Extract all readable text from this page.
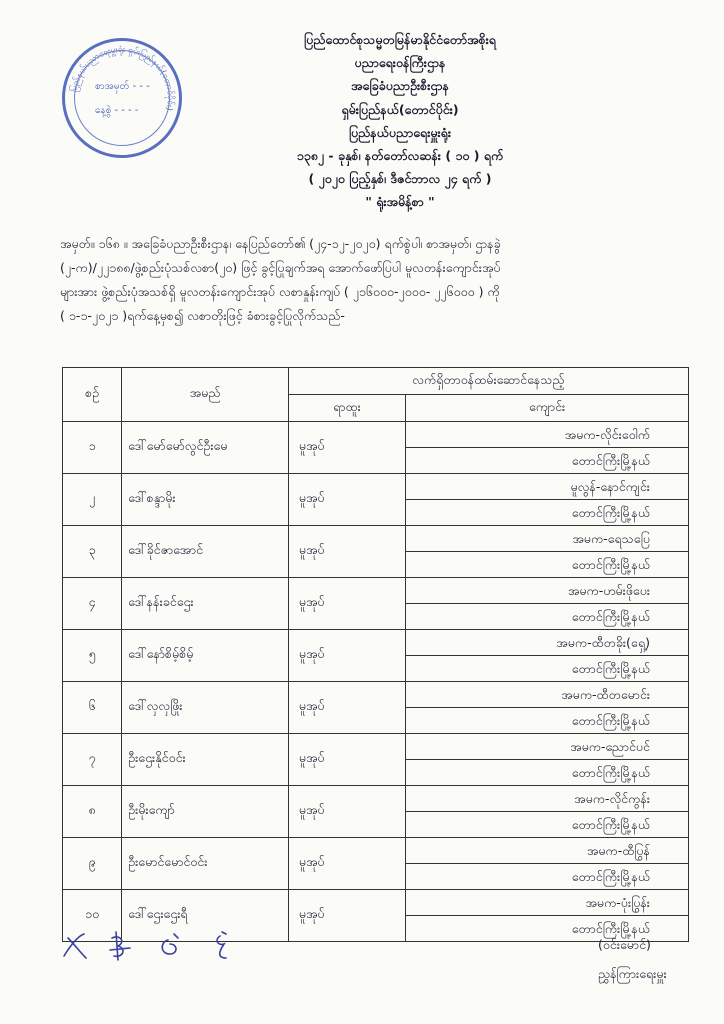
ပြည်နယ်ပညာရေးမှူးရုံး ရှမ်းပြည်နယ်(တောင်ပိုင်း)
စာအမှတ် - - -
နေ့စွဲ - - - -
ပြည်ထောင်စုသမ္မတမြန်မာနိုင်ငံတော်အစိုးရ
ပညာရေးဝန်ကြီးဌာန
အခြေခံပညာဦးစီးဌာန
ရှမ်းပြည်နယ်(တောင်ပိုင်း)
ပြည်နယ်ပညာရေးမှူးရုံး
၁၃၈၂ - ခုနှစ်၊ နတ်တော်လဆန်း ( ၁၀ ) ရက်
( ၂၀၂၀ ပြည့်နှစ်၊ ဒီဇင်ဘာလ ၂၄ ရက် )
" ရုံးအမိန့်စာ "
အမှတ်။ ၁၆၈ ။ အခြေခံပညာဦးစီးဌာန၊ နေပြည်တော်၏ (၂၄-၁၂-၂၀၂၀) ရက်စွဲပါ၊ စာအမှတ်၊ ဌာနခွဲ
(၂-က)/၂၂၁၈၈/ဖွဲ့စည်းပုံသစ်လစာ(၂၀) ဖြင့် ခွင့်ပြုချက်အရ အောက်ဖော်ပြပါ မူလတန်းကျောင်းအုပ်
များအား ဖွဲ့စည်းပုံအသစ်ရှိ မူလတန်းကျောင်းအုပ် လစာနှုန်းကျပ် ( ၂၁၆၀၀၀-၂၀၀၀- ၂၂၆၀၀၀ ) ကို
( ၁-၁-၂၀၂၁ )ရက်နေ့မှစ၍ လစာတိုးဖြင့် ခံစားခွင့်ပြုလိုက်သည်-
စဉ်	အမည်	လက်ရှိတာဝန်ထမ်းဆောင်နေသည့်	
		ရာထူး	ကျောင်း
၁	ဒေါ်မော်မော်လွင်ဦးမေ	မူအုပ်	အမက-လိုင်းဝေါက်
တောင်ကြီးမြို့နယ်

၂	ဒေါ်စန္ဒာမိုး	မူအုပ်	မူလွန်-နောင်ကျင်း
တောင်ကြီးမြို့နယ်

၃	ဒေါ်ခိုင်ဇာအောင်	မူအုပ်	အမက-ရေသပြေ
တောင်ကြီးမြို့နယ်

၄	ဒေါ်နန်းခင်ဌေး	မူအုပ်	အမက-ဟမ်းဖိုပေး
တောင်ကြီးမြို့နယ်

၅	ဒေါ်နော်စိမ့်စိမ့်	မူအုပ်	အမက-ထီတခိုး(ရှေ့)
တောင်ကြီးမြို့နယ်

၆	ဒေါ်လှလှဖြိုး	မူအုပ်	အမက-ထီတမောင်း
တောင်ကြီးမြို့နယ်

၇	ဦးဌေးနိုင်ဝင်း	မူအုပ်	အမက-ညောင်ပင်
တောင်ကြီးမြို့နယ်

၈	ဦးမိုးကျော်	မူအုပ်	အမက-လိုင်ကွန်း
တောင်ကြီးမြို့နယ်

၉	ဦးမောင်မောင်ဝင်း	မူအုပ်	အမက-ထီပြွန်
တောင်ကြီးမြို့နယ်

၁၀	ဒေါ်ဌေးဌေးရီ	မူအုပ်	အမက-ပုံးပြွန်း
တောင်ကြီးမြို့နယ်
(ဝင်းမောင်)
ညွှန်ကြားရေးမှူး
